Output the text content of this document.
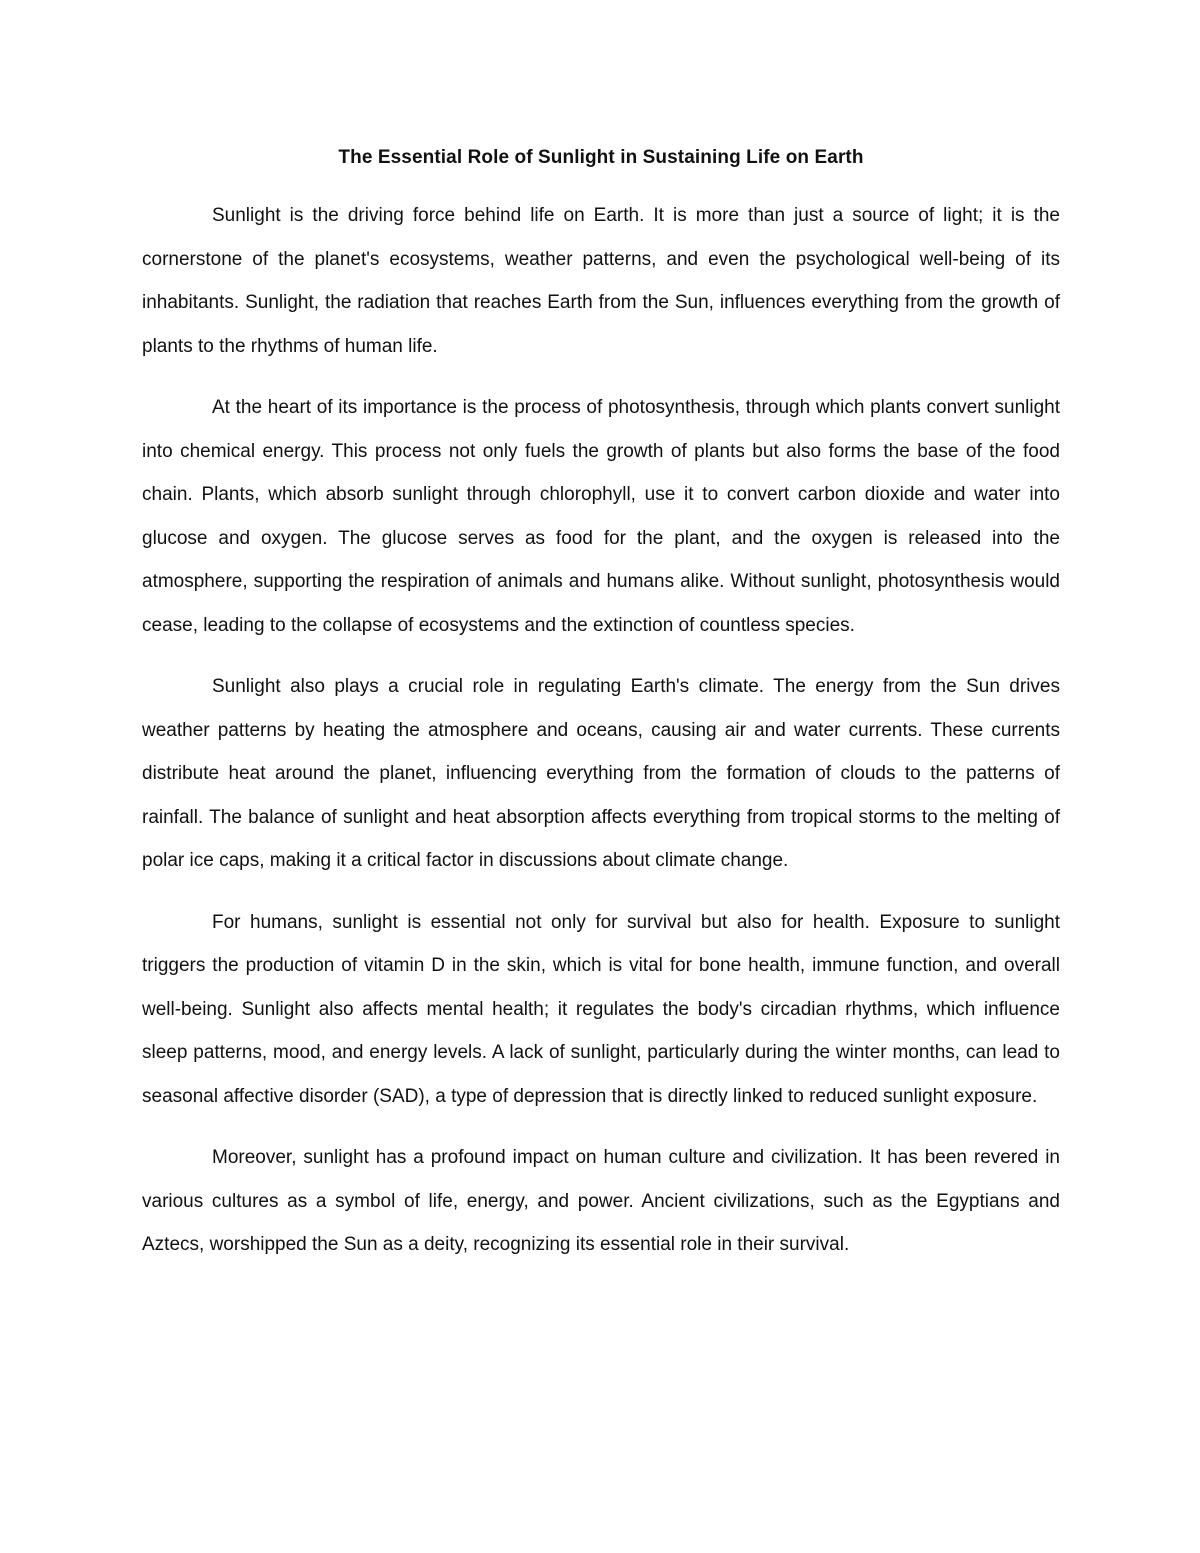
The Essential Role of Sunlight in Sustaining Life on Earth

Sunlight is the driving force behind life on Earth. It is more than just a source of light; it is the cornerstone of the planet's ecosystems, weather patterns, and even the psychological well-being of its inhabitants. Sunlight, the radiation that reaches Earth from the Sun, influences everything from the growth of plants to the rhythms of human life.

At the heart of its importance is the process of photosynthesis, through which plants convert sunlight into chemical energy. This process not only fuels the growth of plants but also forms the base of the food chain. Plants, which absorb sunlight through chlorophyll, use it to convert carbon dioxide and water into glucose and oxygen. The glucose serves as food for the plant, and the oxygen is released into the atmosphere, supporting the respiration of animals and humans alike. Without sunlight, photosynthesis would cease, leading to the collapse of ecosystems and the extinction of countless species.

Sunlight also plays a crucial role in regulating Earth's climate. The energy from the Sun drives weather patterns by heating the atmosphere and oceans, causing air and water currents. These currents distribute heat around the planet, influencing everything from the formation of clouds to the patterns of rainfall. The balance of sunlight and heat absorption affects everything from tropical storms to the melting of polar ice caps, making it a critical factor in discussions about climate change.

For humans, sunlight is essential not only for survival but also for health. Exposure to sunlight triggers the production of vitamin D in the skin, which is vital for bone health, immune function, and overall well-being. Sunlight also affects mental health; it regulates the body's circadian rhythms, which influence sleep patterns, mood, and energy levels. A lack of sunlight, particularly during the winter months, can lead to seasonal affective disorder (SAD), a type of depression that is directly linked to reduced sunlight exposure.

Moreover, sunlight has a profound impact on human culture and civilization. It has been revered in various cultures as a symbol of life, energy, and power. Ancient civilizations, such as the Egyptians and Aztecs, worshipped the Sun as a deity, recognizing its essential role in their survival.
